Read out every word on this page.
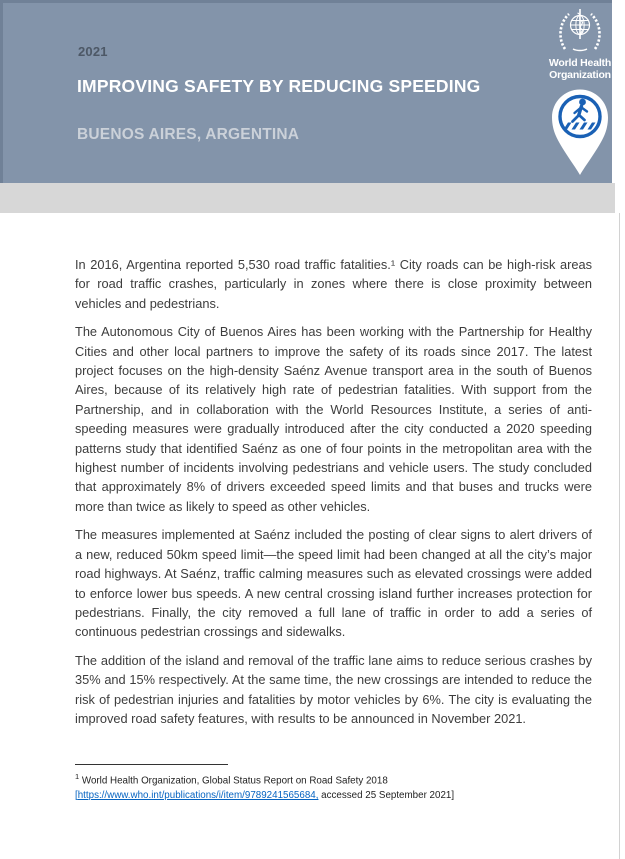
2021
IMPROVING SAFETY BY REDUCING SPEEDING
BUENOS AIRES, ARGENTINA
World Health
Organization

In 2016, Argentina reported 5,530 road traffic fatalities.¹ City roads can be high-risk areas for road traffic crashes, particularly in zones where there is close proximity between vehicles and pedestrians.

The Autonomous City of Buenos Aires has been working with the Partnership for Healthy Cities and other local partners to improve the safety of its roads since 2017. The latest project focuses on the high-density Saénz Avenue transport area in the south of Buenos Aires, because of its relatively high rate of pedestrian fatalities. With support from the Partnership, and in collaboration with the World Resources Institute, a series of anti-speeding measures were gradually introduced after the city conducted a 2020 speeding patterns study that identified Saénz as one of four points in the metropolitan area with the highest number of incidents involving pedestrians and vehicle users. The study concluded that approximately 8% of drivers exceeded speed limits and that buses and trucks were more than twice as likely to speed as other vehicles.

The measures implemented at Saénz included the posting of clear signs to alert drivers of a new, reduced 50km speed limit—the speed limit had been changed at all the city’s major road highways. At Saénz, traffic calming measures such as elevated crossings were added to enforce lower bus speeds. A new central crossing island further increases protection for pedestrians. Finally, the city removed a full lane of traffic in order to add a series of continuous pedestrian crossings and sidewalks.

The addition of the island and removal of the traffic lane aims to reduce serious crashes by 35% and 15% respectively. At the same time, the new crossings are intended to reduce the risk of pedestrian injuries and fatalities by motor vehicles by 6%. The city is evaluating the improved road safety features, with results to be announced in November 2021.

$^1$ World Health Organization, Global Status Report on Road Safety 2018

[https://www.who.int/publications/i/item/9789241565684, accessed 25 September 2021]
